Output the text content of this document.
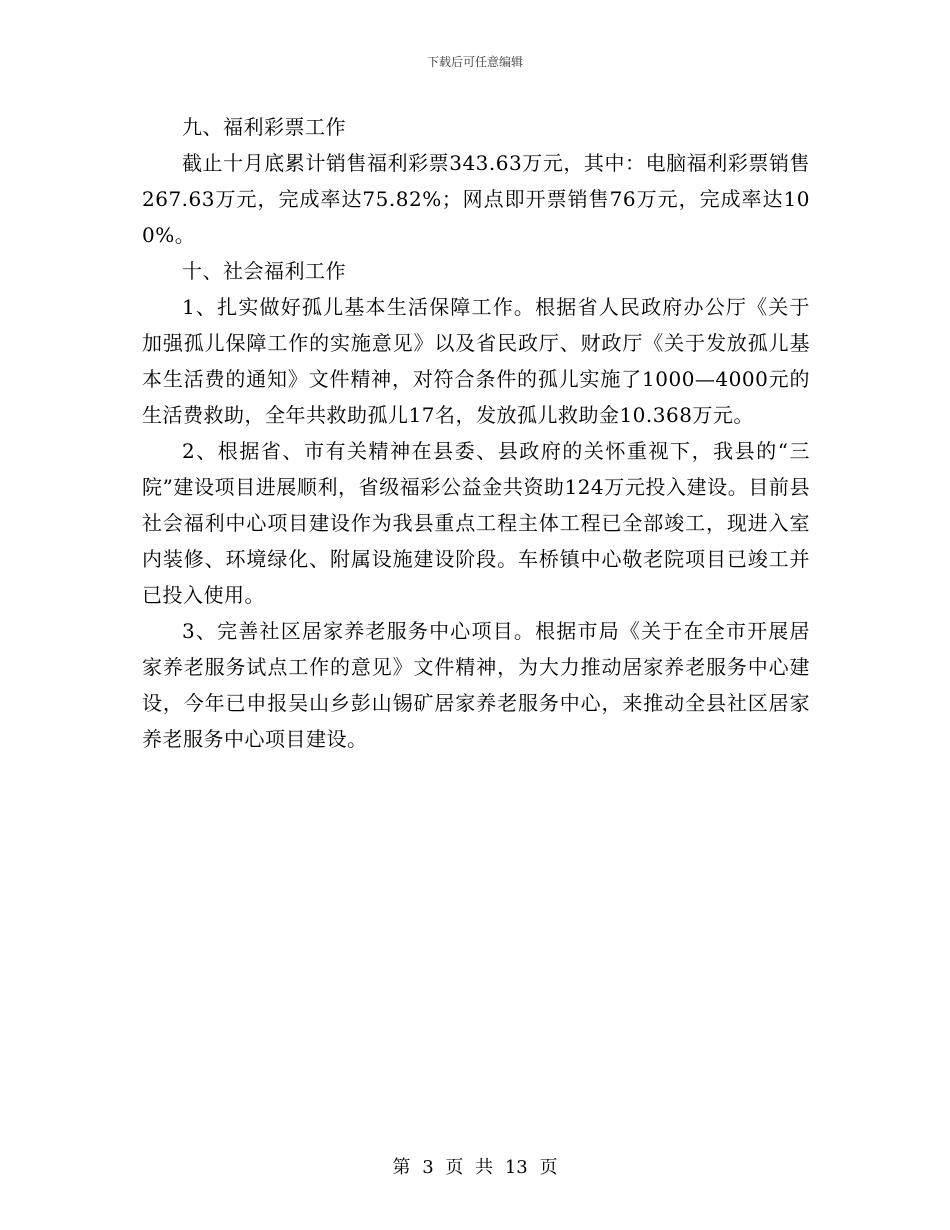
下载后可任意编辑

九、福利彩票工作

截止十月底累计销售福利彩票343.63万元，其中：电脑福利彩票销售267.63万元，完成率达75.82%；网点即开票销售76万元，完成率达100%。

十、社会福利工作

1、扎实做好孤儿基本生活保障工作。根据省人民政府办公厅《关于加强孤儿保障工作的实施意见》以及省民政厅、财政厅《关于发放孤儿基本生活费的通知》文件精神，对符合条件的孤儿实施了1000—4000元的生活费救助，全年共救助孤儿17名，发放孤儿救助金10.368万元。

2、根据省、市有关精神在县委、县政府的关怀重视下，我县的“三院”建设项目进展顺利，省级福彩公益金共资助124万元投入建设。目前县社会福利中心项目建设作为我县重点工程主体工程已全部竣工，现进入室内装修、环境绿化、附属设施建设阶段。车桥镇中心敬老院项目已竣工并已投入使用。

3、完善社区居家养老服务中心项目。根据市局《关于在全市开展居家养老服务试点工作的意见》文件精神，为大力推动居家养老服务中心建设，今年已申报吴山乡彭山锡矿居家养老服务中心，来推动全县社区居家养老服务中心项目建设。

第 3 页 共 13 页
